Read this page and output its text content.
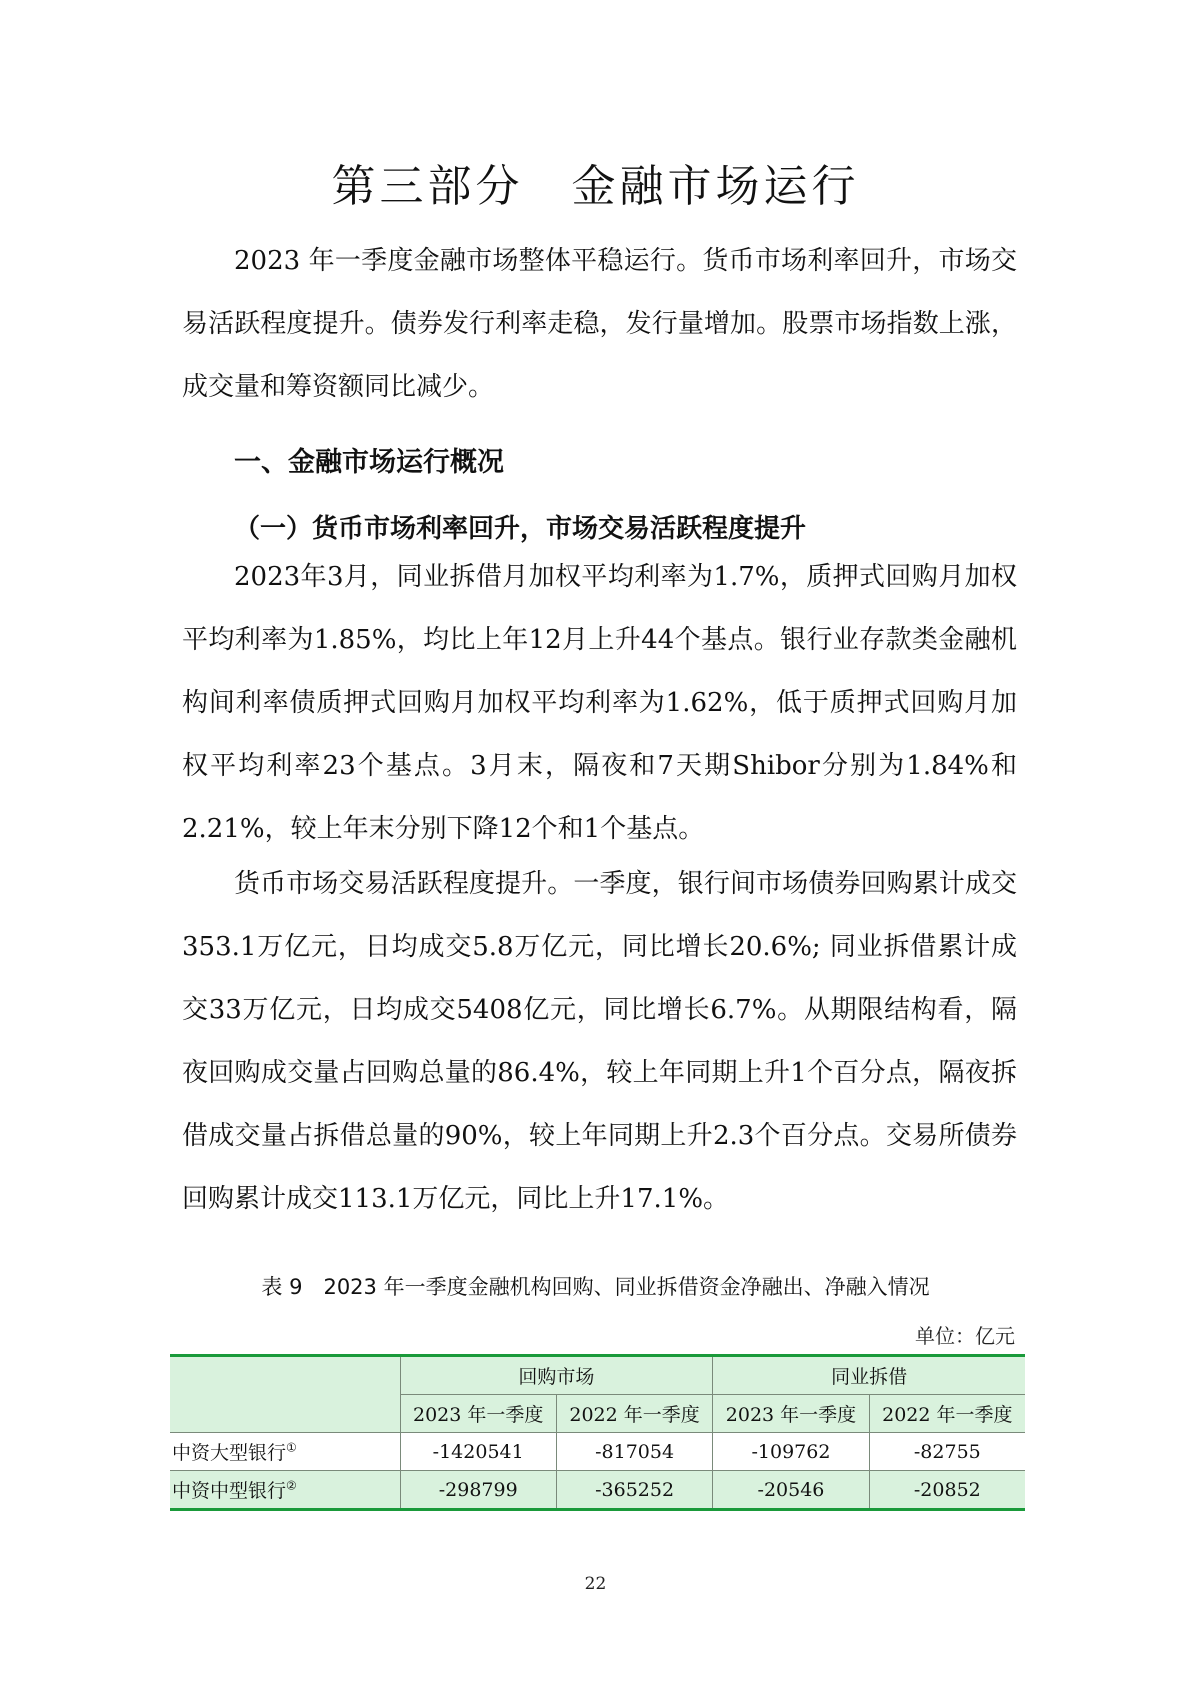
第三部分　金融市场运行

2023 年一季度金融市场整体平稳运行。货币市场利率回升，市场交易活跃程度提升。债券发行利率走稳，发行量增加。股票市场指数上涨，成交量和筹资额同比减少。

一、金融市场运行概况
（一）货币市场利率回升，市场交易活跃程度提升

2023年3月，同业拆借月加权平均利率为1.7%，质押式回购月加权平均利率为1.85%，均比上年12月上升44个基点。银行业存款类金融机构间利率债质押式回购月加权平均利率为1.62%，低于质押式回购月加权平均利率23个基点。3月末，隔夜和7天期Shibor分别为1.84%和2.21%，较上年末分别下降12个和1个基点。

货币市场交易活跃程度提升。一季度，银行间市场债券回购累计成交353.1万亿元，日均成交5.8万亿元，同比增长20.6%; 同业拆借累计成交33万亿元，日均成交5408亿元，同比增长6.7%。从期限结构看，隔夜回购成交量占回购总量的86.4%，较上年同期上升1个百分点，隔夜拆借成交量占拆借总量的90%，较上年同期上升2.3个百分点。交易所债券回购累计成交113.1万亿元，同比上升17.1%。

表 9　2023 年一季度金融机构回购、同业拆借资金净融出、净融入情况
单位：亿元
	回购市场		同业拆借	
	2023 年一季度	2022 年一季度	2023 年一季度	2022 年一季度
中资大型银行①	-1420541	-817054	-109762	-82755
中资中型银行②	-298799	-365252	-20546	-20852
22
